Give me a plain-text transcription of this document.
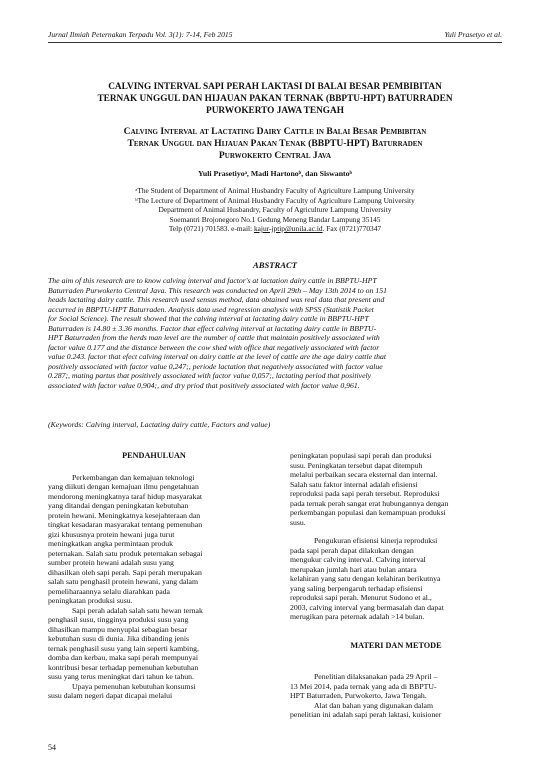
Jurnal Ilmiah Peternakan Terpadu Vol. 3(1): 7-14, Feb 2015	Yuli Prasetyo et al.
CALVING INTERVAL SAPI PERAH LAKTASI DI BALAI BESAR PEMBIBITAN
TERNAK UNGGUL DAN HIJAUAN PAKAN TERNAK (BBPTU-HPT) BATURRADEN
PURWOKERTO JAWA TENGAH
Calving Interval at Lactating Dairy Cattle in Balai Besar Pembibitan
Ternak Unggul dan Hijauan Pakan Tenak (BBPTU-HPT) Baturraden
Purwokerto Central Java
Yuli Prasetiyoᵃ, Madi Hartonoᵇ, dan Siswantoᵇ
ᵃThe Student of Department of Animal Husbandry Faculty of Agriculture Lampung University
ᵇThe Lecture of Department of Animal Husbandry Faculty of Agriculture Lampung University
Department of Animal Husbandry, Faculty of Agriculture Lampung University
Soemantri Brojonegoro No.1 Gedung Meneng Bandar Lampung 35145
Telp (0721) 701583. e-mail: kajur-jptip@unila.ac.id. Fax (0721)770347
ABSTRACT
The aim of this research are to know calving interval and factor's at lactation dairy cattle in BBPTU-HPT
Baturraden Purwokerto Central Java. This research was conducted on April 29th – May 13th 2014 to on 151
heads lactating dairy cattle. This research used sensus method, data obtained was real data that present and
accurred in BBPTU-HPT Baturraden. Analysis data used regression analysis with SPSS (Statistik Packet
for Social Science). The result showed that the calving interval at lactating dairy cattle in BBPTU-HPT
Baturraden is 14.80 ± 3.36 months. Factor that effect calving interval at lactating dairy cattle in BBPTU-
HPT Baturraden from the herds man level are the number of cattle that maintain positively associated with
factor value 0.177 and the distance between the cow shed with office that negatively associated with factor
value 0.243. factor that efect calving interval on dairy cattle at the level of cattle are the age dairy cattle that
positively associated with factor value 0,247;, periode lactation that negatively associated with factor value
0.287;, mating partus that positively associated with factor value 0,057;, lactating period that positively
associated with factor value 0,904;, and dry priod that positively associated with factor value 0,961.
(Keywords: Calving interval, Lactating dairy cattle, Factors and value)
PENDAHULUAN

Perkembangan dan kemajuan teknologi
yang diikuti dengan kemajuan ilmu pengetahuan
mendorong meningkatnya taraf hidup masyarakat
yang ditandai dengan peningkatan kebutuhan
protein hewani. Meningkatnya kesejahteraan dan
tingkat kesadaran masyarakat tentang pemenuhan
gizi khususnya protein hewani juga turut
meningkatkan angka permintaan produk
peternakan. Salah satu produk peternakan sebagai
sumber protein hewani adalah susu yang
dihasilkan oleh sapi perah. Sapi perah merupakan
salah satu penghasil protein hewani, yang dalam
pemeliharaannya selalu diarahkan pada
peningkatan produksi susu.

Sapi perah adalah salah satu hewan ternak
penghasil susu, tingginya produksi susu yang
dihasilkan mampu menyuplai sebagian besar
kebutuhan susu di dunia. Jika dibanding jenis
ternak penghasil susu yang lain seperti kambing,
domba dan kerbau, maka sapi perah mempunyai
kontribusi besar terhadap pemenuhan kebutuhan
susu yang terus meningkat dari tahun ke tahun.

Upaya pemenuhan kebutuhan konsumsi
susu dalam negeri dapat dicapai melalui

peningkatan populasi sapi perah dan produksi
susu. Peningkatan tersebut dapat ditempuh
melalui perbaikan secara eksternal dan internal.
Salah satu faktor internal adalah efisiensi
reproduksi pada sapi perah tersebut. Reproduksi
pada ternak perah sangat erat hubungannya dengan
perkembangan populasi dan kemampuan produksi
susu.

Pengukuran efisiensi kinerja reproduksi
pada sapi perah dapat dilakukan dengan
mengukur calving interval. Calving interval
merupakan jumlah hari atau bulan antara
kelahiran yang satu dengan kelahiran berikutnya
yang saling berpengaruh terhadap efisiensi
reproduksi sapi perah. Menurut Sudono et al.,
2003, calving interval yang bermasalah dan dapat
merugikan para peternak adalah >14 bulan.

MATERI DAN METODE

Penelitian dilaksanakan pada 29 April –
13 Mei 2014, pada ternak yang ada di BBPTU-
HPT Baturraden, Purwokerto, Jawa Tengah.

Alat dan bahan yang digunakan dalam
penelitian ini adalah sapi perah laktasi, kuisioner

54
